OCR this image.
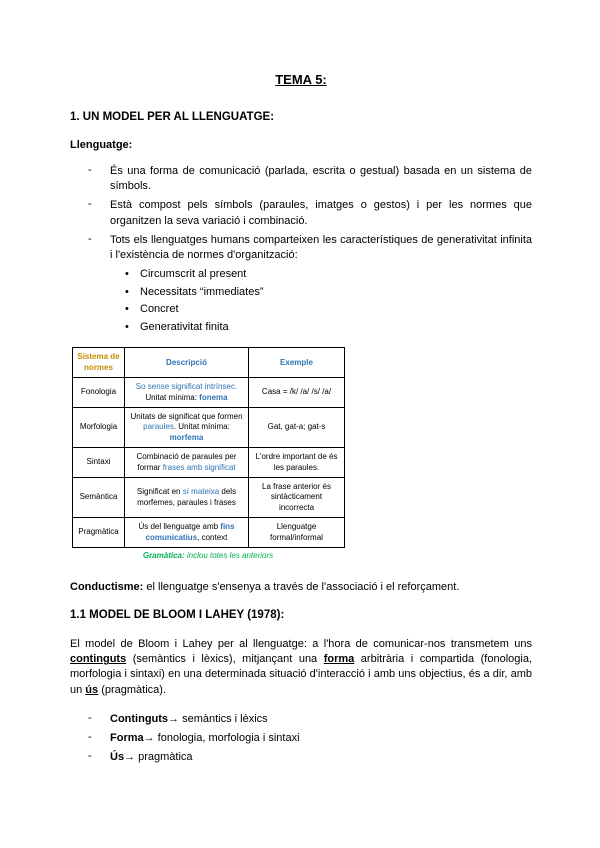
TEMA 5:
1. UN MODEL PER AL LLENGUATGE:
Llenguatge:
-	És una forma de comunicació (parlada, escrita o gestual) basada en un sistema de símbols.
-	Està compost pels símbols (paraules, imatges o gestos) i per les normes que organitzen la seva variació i combinació.
-	Tots els llenguatges humans comparteixen les característiques de generativitat infinita i l'existència de normes d'organització:
•	Circumscrit al present
•	Necessitats “immediates”
•	Concret
•	Generativitat finita
Sistema de normes	Descripció	Exemple
Fonologia	So sense significat intrínsec. Unitat mínima: fonema	Casa = /k/ /a/ /s/ /a/
Morfologia	Unitats de significat que formen paraules. Unitat mínima: morfema	Gat, gat-a; gat-s
Sintaxi	Combinació de paraules per formar frases amb significat	L'ordre important de és les paraules.
Semàntica	Significat en sí mateixa dels morfemes, paraules i frases	La frase anterior és sintàcticament incorrecta
Pragmàtica	Ús del llenguatge amb fins comunicatius, context	Llenguatge formal/informal
Gramàtica: inclou totes les anteriors
Conductisme: el llenguatge s'ensenya a través de l'associació i el reforçament.
1.1 MODEL DE BLOOM I LAHEY (1978):
El model de Bloom i Lahey per al llenguatge: a l'hora de comunicar-nos transmetem uns continguts (semàntics i lèxics), mitjançant una forma arbitrària i compartida (fonologia, morfologia i sintaxi) en una determinada situació d'interacció i amb uns objectius, és a dir, amb un ús (pragmàtica).
-	Continguts→ semàntics i lèxics
-	Forma→ fonologia, morfologia i sintaxi
-	Ús→ pragmàtica
